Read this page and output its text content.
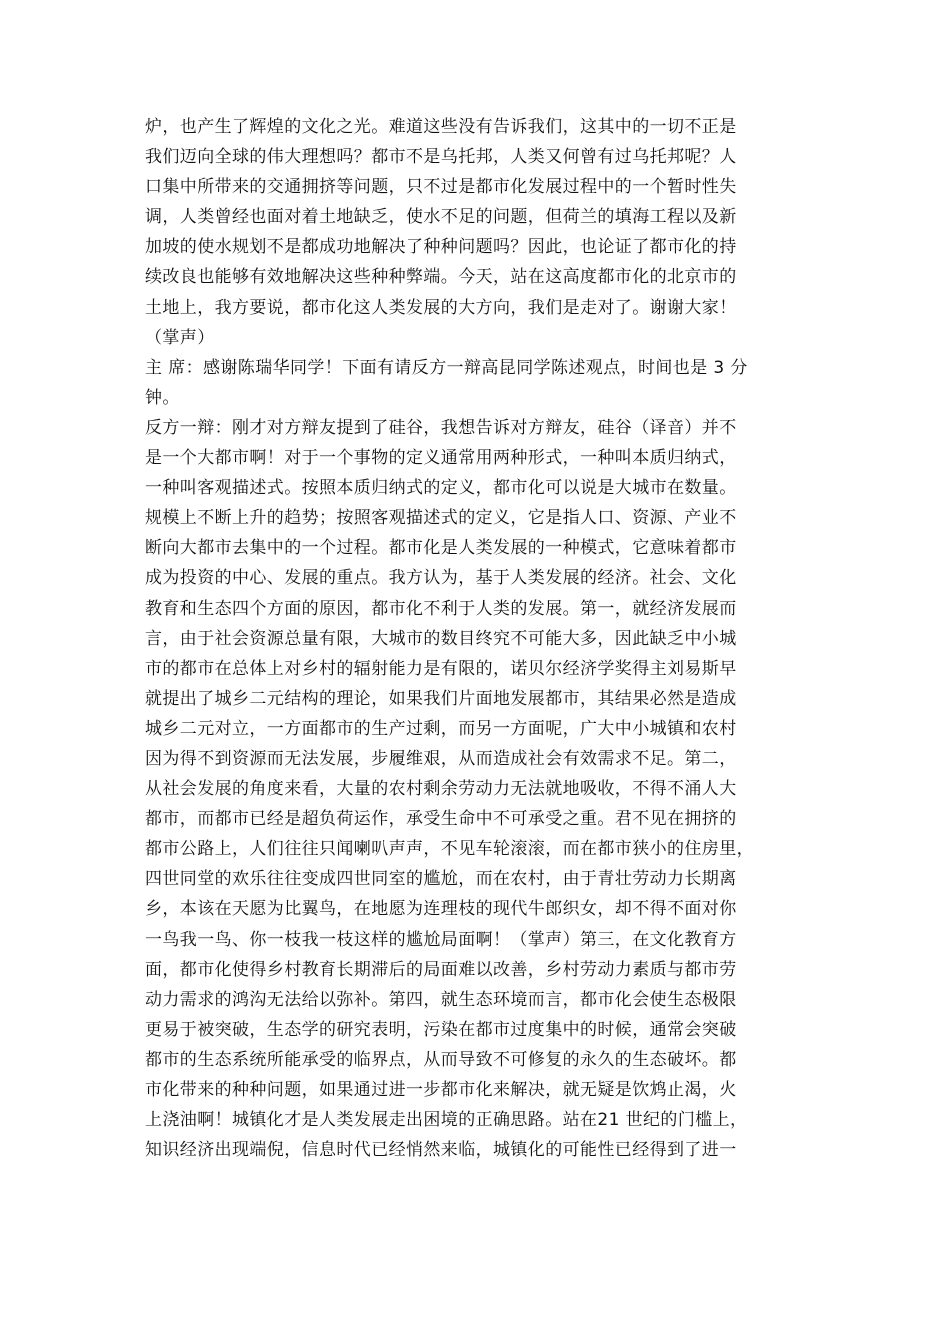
炉，也产生了辉煌的文化之光。难道这些没有告诉我们，这其中的一切不正是
我们迈向全球的伟大理想吗？都市不是乌托邦，人类又何曾有过乌托邦呢？人
口集中所带来的交通拥挤等问题，只不过是都市化发展过程中的一个暂时性失
调，人类曾经也面对着土地缺乏，使水不足的问题，但荷兰的填海工程以及新
加坡的使水规划不是都成功地解决了种种问题吗？因此，也论证了都市化的持
续改良也能够有效地解决这些种种弊端。今天，站在这高度都市化的北京市的
土地上，我方要说，都市化这人类发展的大方向，我们是走对了。谢谢大家！
（掌声）
主 席：感谢陈瑞华同学！下面有请反方一辩高昆同学陈述观点，时间也是 3 分
钟。
反方一辩：刚才对方辩友提到了硅谷，我想告诉对方辩友，硅谷（译音）并不
是一个大都市啊！对于一个事物的定义通常用两种形式，一种叫本质归纳式，
一种叫客观描述式。按照本质归纳式的定义，都市化可以说是大城市在数量。
规模上不断上升的趋势；按照客观描述式的定义，它是指人口、资源、产业不
断向大都市去集中的一个过程。都市化是人类发展的一种模式，它意味着都市
成为投资的中心、发展的重点。我方认为，基于人类发展的经济。社会、文化
教育和生态四个方面的原因，都市化不利于人类的发展。第一，就经济发展而
言，由于社会资源总量有限，大城市的数目终究不可能大多，因此缺乏中小城
市的都市在总体上对乡村的辐射能力是有限的，诺贝尔经济学奖得主刘易斯早
就提出了城乡二元结构的理论，如果我们片面地发展都市，其结果必然是造成
城乡二元对立，一方面都市的生产过剩，而另一方面呢，广大中小城镇和农村
因为得不到资源而无法发展，步履维艰，从而造成社会有效需求不足。第二，
从社会发展的角度来看，大量的农村剩余劳动力无法就地吸收，不得不涌人大
都市，而都市已经是超负荷运作，承受生命中不可承受之重。君不见在拥挤的
都市公路上，人们往往只闻喇叭声声，不见车轮滚滚，而在都市狭小的住房里，
四世同堂的欢乐往往变成四世同室的尴尬，而在农村，由于青壮劳动力长期离
乡，本该在天愿为比翼鸟，在地愿为连理枝的现代牛郎织女，却不得不面对你
一鸟我一鸟、你一枝我一枝这样的尴尬局面啊！（掌声）第三，在文化教育方
面，都市化使得乡村教育长期滞后的局面难以改善，乡村劳动力素质与都市劳
动力需求的鸿沟无法给以弥补。第四，就生态环境而言，都市化会使生态极限
更易于被突破，生态学的研究表明，污染在都市过度集中的时候，通常会突破
都市的生态系统所能承受的临界点，从而导致不可修复的永久的生态破坏。都
市化带来的种种问题，如果通过进一步都市化来解决，就无疑是饮鸩止渴，火
上浇油啊！城镇化才是人类发展走出困境的正确思路。站在21 世纪的门槛上，
知识经济出现端倪，信息时代已经悄然来临，城镇化的可能性已经得到了进一
